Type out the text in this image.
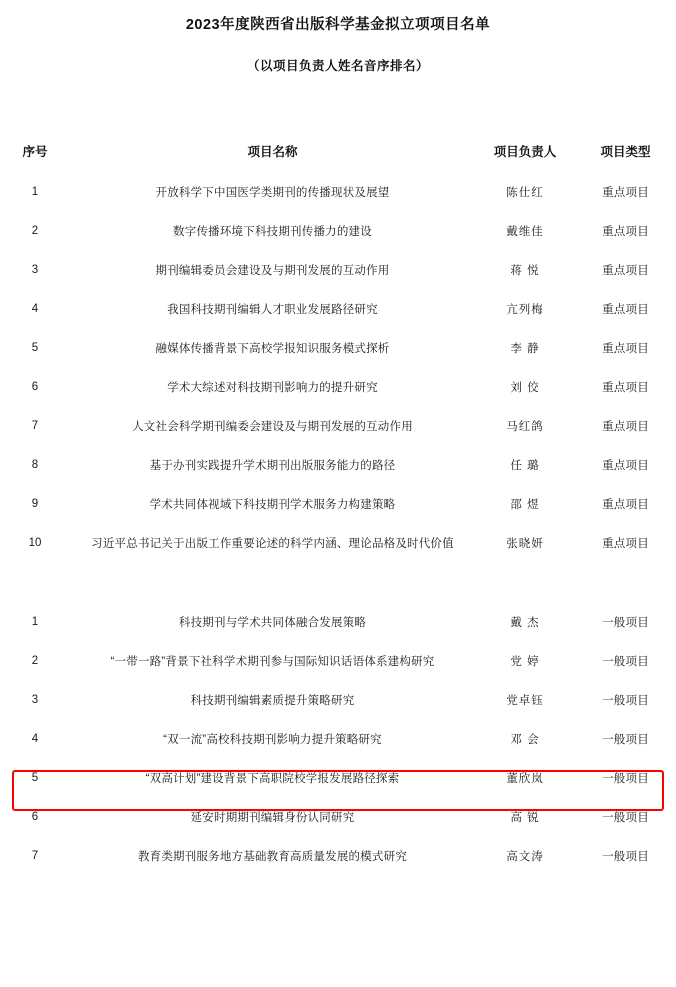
2023年度陕西省出版科学基金拟立项项目名单
（以项目负责人姓名音序排名）
序号	项目名称	项目负责人	项目类型
1	开放科学下中国医学类期刊的传播现状及展望	陈仕红	重点项目
2	数字传播环境下科技期刊传播力的建设	戴维佳	重点项目
3	期刊编辑委员会建设及与期刊发展的互动作用	蒋 悦	重点项目
4	我国科技期刊编辑人才职业发展路径研究	亢列梅	重点项目
5	融媒体传播背景下高校学报知识服务模式探析	李 静	重点项目
6	学术大综述对科技期刊影响力的提升研究	刘 佼	重点项目
7	人文社会科学期刊编委会建设及与期刊发展的互动作用	马红鸽	重点项目
8	基于办刊实践提升学术期刊出版服务能力的路径	任 璐	重点项目
9	学术共同体视域下科技期刊学术服务力构建策略	邵 煜	重点项目
10	习近平总书记关于出版工作重要论述的科学内涵、理论品格及时代价值	张晓妍	重点项目

1	科技期刊与学术共同体融合发展策略	戴 杰	一般项目
2	“一带一路”背景下社科学术期刊参与国际知识话语体系建构研究	党 婷	一般项目
3	科技期刊编辑素质提升策略研究	党卓钰	一般项目
4	“双一流”高校科技期刊影响力提升策略研究	邓 会	一般项目
5	“双高计划”建设背景下高职院校学报发展路径探索	董欣岚	一般项目
6	延安时期期刊编辑身份认同研究	高 锐	一般项目
7	教育类期刊服务地方基础教育高质量发展的模式研究	高文涛	一般项目
